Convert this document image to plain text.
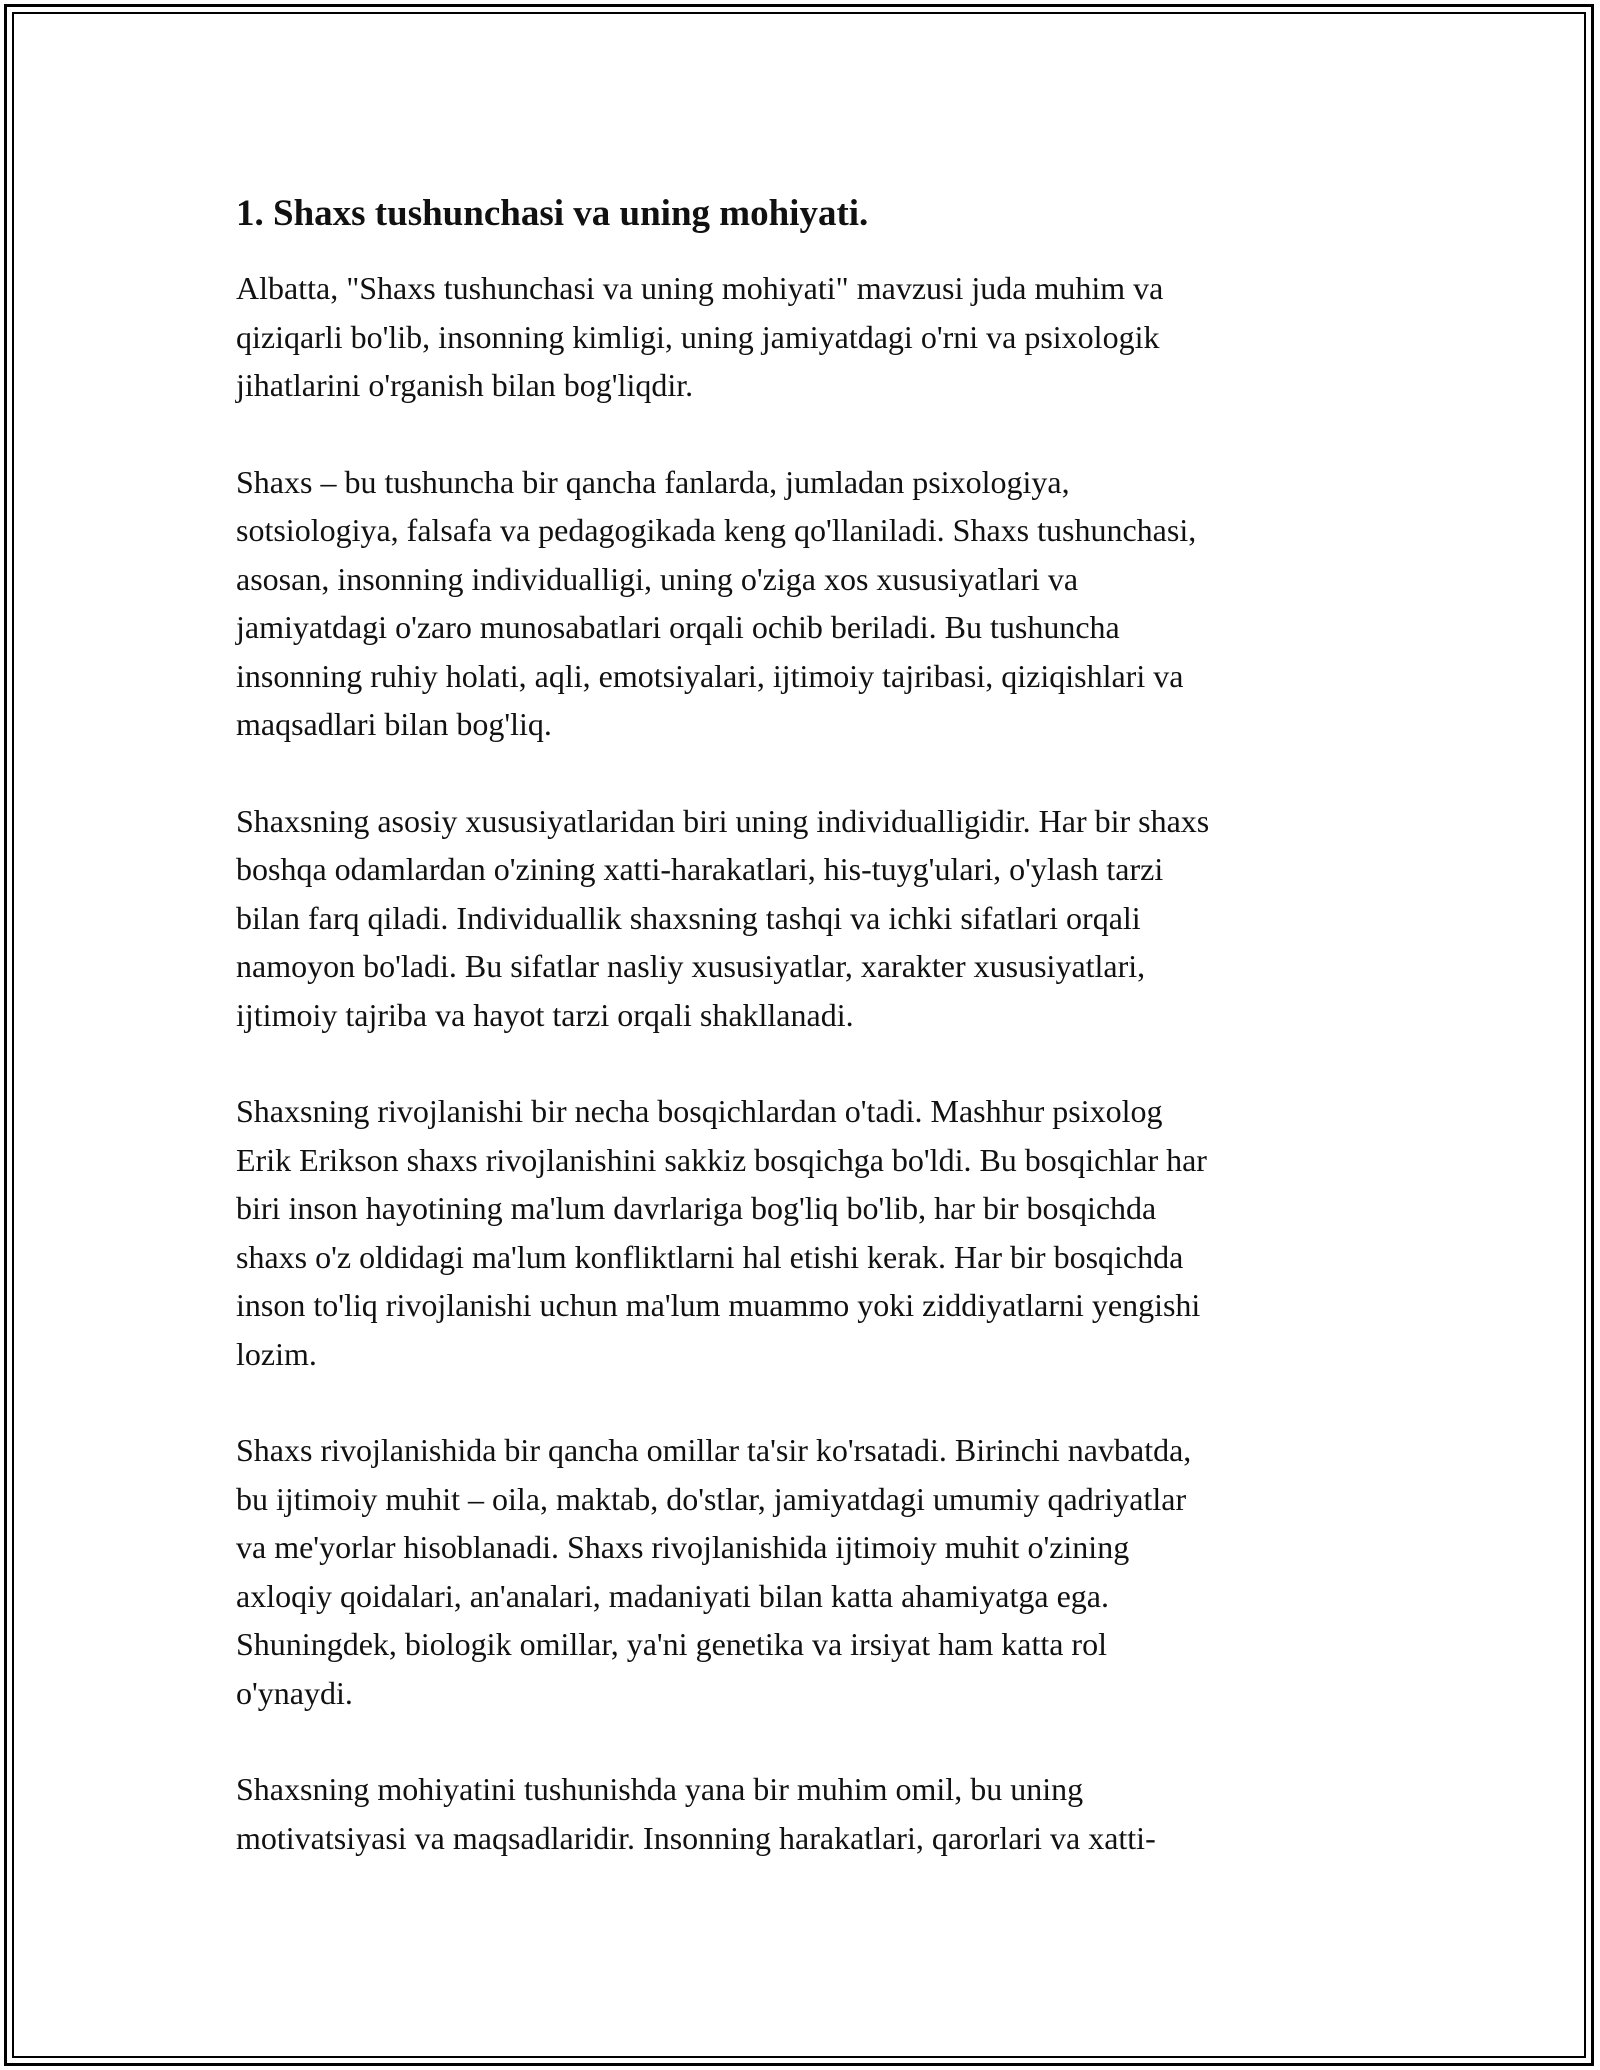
1. Shaxs tushunchasi va uning mohiyati.

Albatta, "Shaxs tushunchasi va uning mohiyati" mavzusi juda muhim va
qiziqarli bo'lib, insonning kimligi, uning jamiyatdagi o'rni va psixologik
jihatlarini o'rganish bilan bog'liqdir.

Shaxs – bu tushuncha bir qancha fanlarda, jumladan psixologiya,
sotsiologiya, falsafa va pedagogikada keng qo'llaniladi. Shaxs tushunchasi,
asosan, insonning individualligi, uning o'ziga xos xususiyatlari va
jamiyatdagi o'zaro munosabatlari orqali ochib beriladi. Bu tushuncha
insonning ruhiy holati, aqli, emotsiyalari, ijtimoiy tajribasi, qiziqishlari va
maqsadlari bilan bog'liq.

Shaxsning asosiy xususiyatlaridan biri uning individualligidir. Har bir shaxs
boshqa odamlardan o'zining xatti-harakatlari, his-tuyg'ulari, o'ylash tarzi
bilan farq qiladi. Individuallik shaxsning tashqi va ichki sifatlari orqali
namoyon bo'ladi. Bu sifatlar nasliy xususiyatlar, xarakter xususiyatlari,
ijtimoiy tajriba va hayot tarzi orqali shakllanadi.

Shaxsning rivojlanishi bir necha bosqichlardan o'tadi. Mashhur psixolog
Erik Erikson shaxs rivojlanishini sakkiz bosqichga bo'ldi. Bu bosqichlar har
biri inson hayotining ma'lum davrlariga bog'liq bo'lib, har bir bosqichda
shaxs o'z oldidagi ma'lum konfliktlarni hal etishi kerak. Har bir bosqichda
inson to'liq rivojlanishi uchun ma'lum muammo yoki ziddiyatlarni yengishi
lozim.

Shaxs rivojlanishida bir qancha omillar ta'sir ko'rsatadi. Birinchi navbatda,
bu ijtimoiy muhit – oila, maktab, do'stlar, jamiyatdagi umumiy qadriyatlar
va me'yorlar hisoblanadi. Shaxs rivojlanishida ijtimoiy muhit o'zining
axloqiy qoidalari, an'analari, madaniyati bilan katta ahamiyatga ega.
Shuningdek, biologik omillar, ya'ni genetika va irsiyat ham katta rol
o'ynaydi.

Shaxsning mohiyatini tushunishda yana bir muhim omil, bu uning
motivatsiyasi va maqsadlaridir. Insonning harakatlari, qarorlari va xatti-
